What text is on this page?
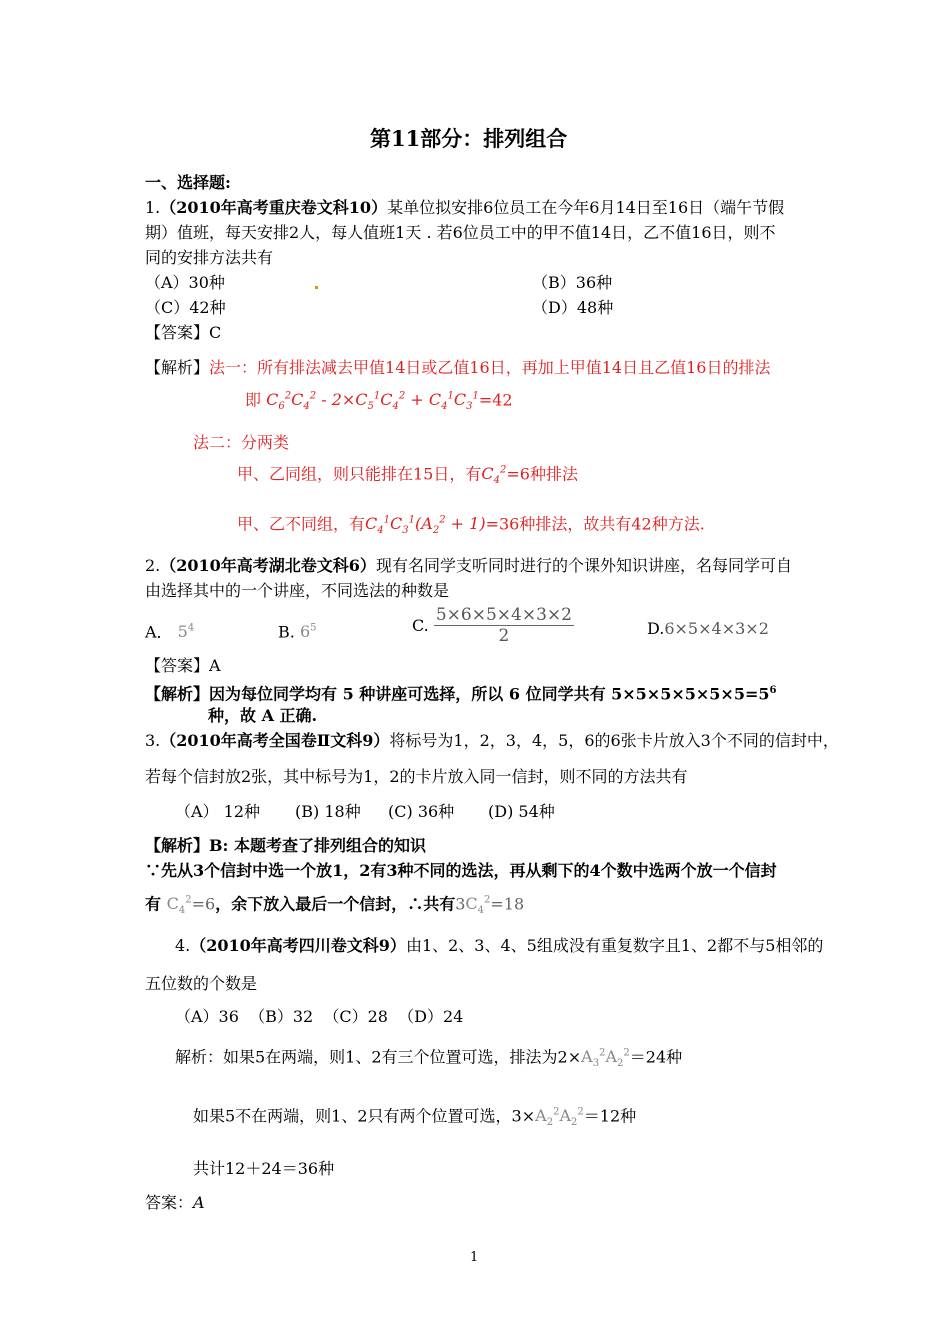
第11部分：排列组合
一、选择题:
1.（2010年高考重庆卷文科10）某单位拟安排6位员工在今年6月14日至16日（端午节假
期）值班，每天安排2人，每人值班1天 . 若6位员工中的甲不值14日，乙不值16日，则不
同的安排方法共有
（A）30种	（B）36种
（C）42种	（D）48种
【答案】C
【解析】法一：所有排法减去甲值14日或乙值16日，再加上甲值14日且乙值16日的排法
即 $C_6^2C_4^2 - 2\times C_5^1C_4^2 + C_4^1C_3^1=42$
法二：分两类
甲、乙同组，则只能排在15日，有$C_4^2=6$种排法
甲、乙不同组，有$C_4^1C_3^1(A_2^2 + 1)=36$种排法，故共有42种方法.
2.（2010年高考湖北卷文科6）现有名同学支听同时进行的个课外知识讲座，名每同学可自
由选择其中的一个讲座，不同选法的种数是
A． $5^4$	B. $6^5$	C. $\frac{5\times 6\times 5\times 4\times 3\times 2}{2}$	D.6×5×4×3×2
【答案】A
【解析】因为每位同学均有 5 种讲座可选择，所以 6 位同学共有 $5\times 5\times 5\times 5\times 5\times 5=5^6$
种，故 A 正确.
3.（2010年高考全国卷Ⅱ文科9）将标号为1，2，3，4，5，6的6张卡片放入3个不同的信封中，
若每个信封放2张，其中标号为1，2的卡片放入同一信封，则不同的方法共有
（A） 12种 (B) 18种 (C) 36种 (D) 54种
【解析】B: 本题考查了排列组合的知识
∵先从3个信封中选一个放1，2有3种不同的选法，再从剩下的4个数中选两个放一个信封
有 $C_4^2=6$，余下放入最后一个信封，∴共有$3C_4^2=18$
4.（2010年高考四川卷文科9）由1、2、3、4、5组成没有重复数字且1、2都不与5相邻的
五位数的个数是
（A）36  （B）32  （C）28  （D）24
解析：如果5在两端，则1、2有三个位置可选，排法为$2\times A_3^2A_2^2=24$种
如果5不在两端，则1、2只有两个位置可选，$3\times A_2^2A_2^2=12$种
共计12＋24＝36种
答案：A
1
